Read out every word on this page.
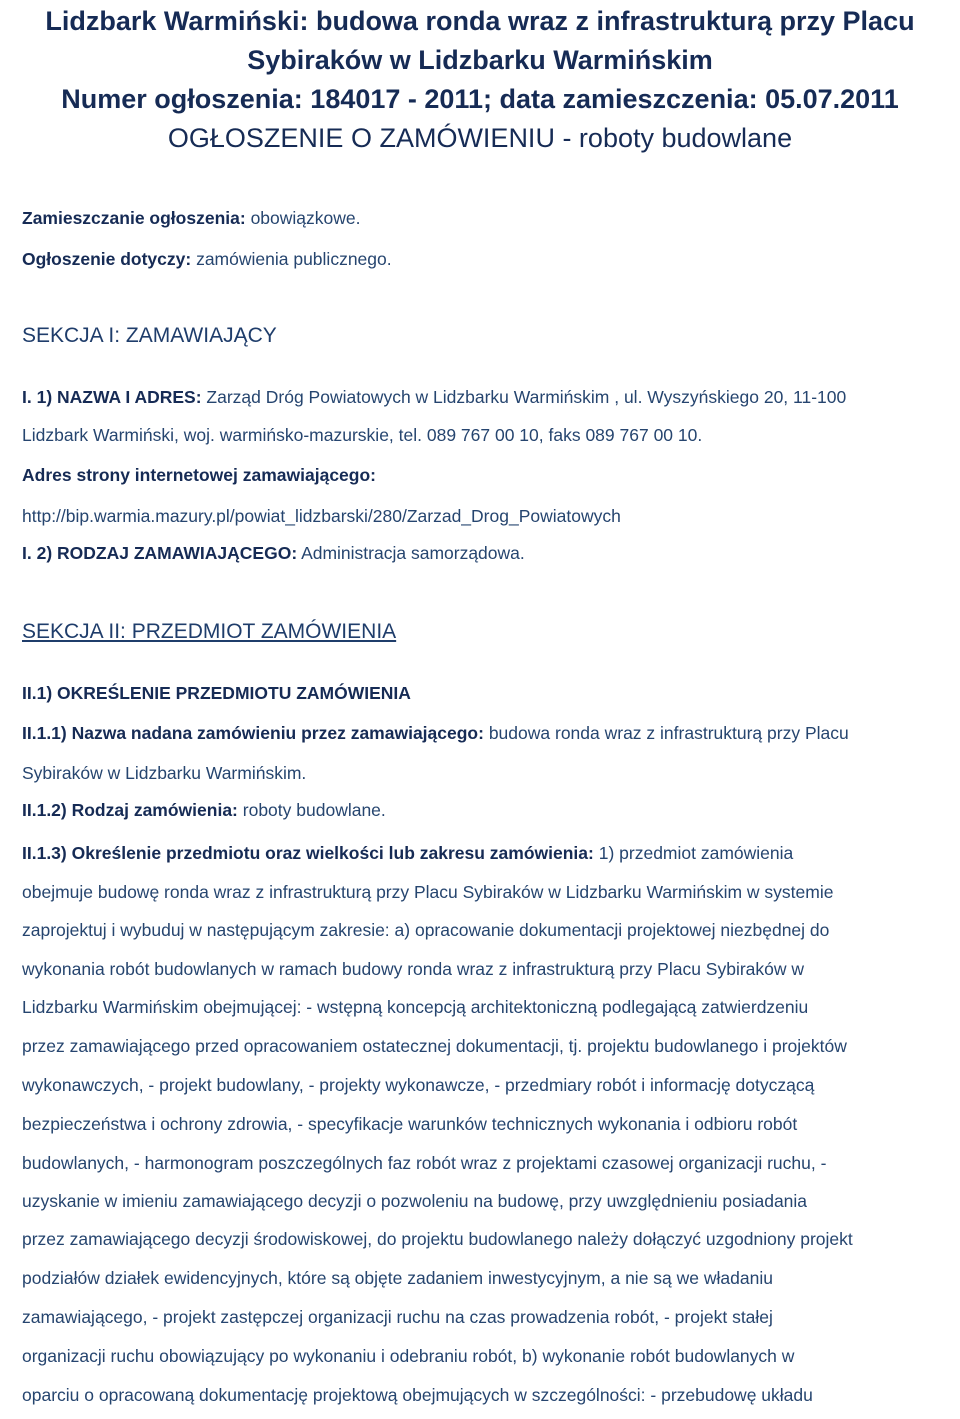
Lidzbark Warmiński: budowa ronda wraz z infrastrukturą przy Placu
Sybiraków w Lidzbarku Warmińskim
Numer ogłoszenia: 184017 - 2011; data zamieszczenia: 05.07.2011
OGŁOSZENIE O ZAMÓWIENIU - roboty budowlane
Zamieszczanie ogłoszenia: obowiązkowe.
Ogłoszenie dotyczy: zamówienia publicznego.
SEKCJA I: ZAMAWIAJĄCY
I. 1) NAZWA I ADRES: Zarząd Dróg Powiatowych w Lidzbarku Warmińskim , ul. Wyszyńskiego 20, 11-100
Lidzbark Warmiński, woj. warmińsko-mazurskie, tel. 089 767 00 10, faks 089 767 00 10.
Adres strony internetowej zamawiającego:
http://bip.warmia.mazury.pl/powiat_lidzbarski/280/Zarzad_Drog_Powiatowych
I. 2) RODZAJ ZAMAWIAJĄCEGO: Administracja samorządowa.
SEKCJA II: PRZEDMIOT ZAMÓWIENIA
II.1) OKREŚLENIE PRZEDMIOTU ZAMÓWIENIA
II.1.1) Nazwa nadana zamówieniu przez zamawiającego: budowa ronda wraz z infrastrukturą przy Placu
Sybiraków w Lidzbarku Warmińskim.
II.1.2) Rodzaj zamówienia: roboty budowlane.
II.1.3) Określenie przedmiotu oraz wielkości lub zakresu zamówienia: 1) przedmiot zamówienia
obejmuje budowę ronda wraz z infrastrukturą przy Placu Sybiraków w Lidzbarku Warmińskim w systemie
zaprojektuj i wybuduj w następującym zakresie: a) opracowanie dokumentacji projektowej niezbędnej do
wykonania robót budowlanych w ramach budowy ronda wraz z infrastrukturą przy Placu Sybiraków w
Lidzbarku Warmińskim obejmującej: - wstępną koncepcją architektoniczną podlegającą zatwierdzeniu
przez zamawiającego przed opracowaniem ostatecznej dokumentacji, tj. projektu budowlanego i projektów
wykonawczych, - projekt budowlany, - projekty wykonawcze, - przedmiary robót i informację dotyczącą
bezpieczeństwa i ochrony zdrowia, - specyfikacje warunków technicznych wykonania i odbioru robót
budowlanych, - harmonogram poszczególnych faz robót wraz z projektami czasowej organizacji ruchu, -
uzyskanie w imieniu zamawiającego decyzji o pozwoleniu na budowę, przy uwzględnieniu posiadania
przez zamawiającego decyzji środowiskowej, do projektu budowlanego należy dołączyć uzgodniony projekt
podziałów działek ewidencyjnych, które są objęte zadaniem inwestycyjnym, a nie są we władaniu
zamawiającego, - projekt zastępczej organizacji ruchu na czas prowadzenia robót, - projekt stałej
organizacji ruchu obowiązujący po wykonaniu i odebraniu robót, b) wykonanie robót budowlanych w
oparciu o opracowaną dokumentację projektową obejmujących w szczególności: - przebudowę układu
